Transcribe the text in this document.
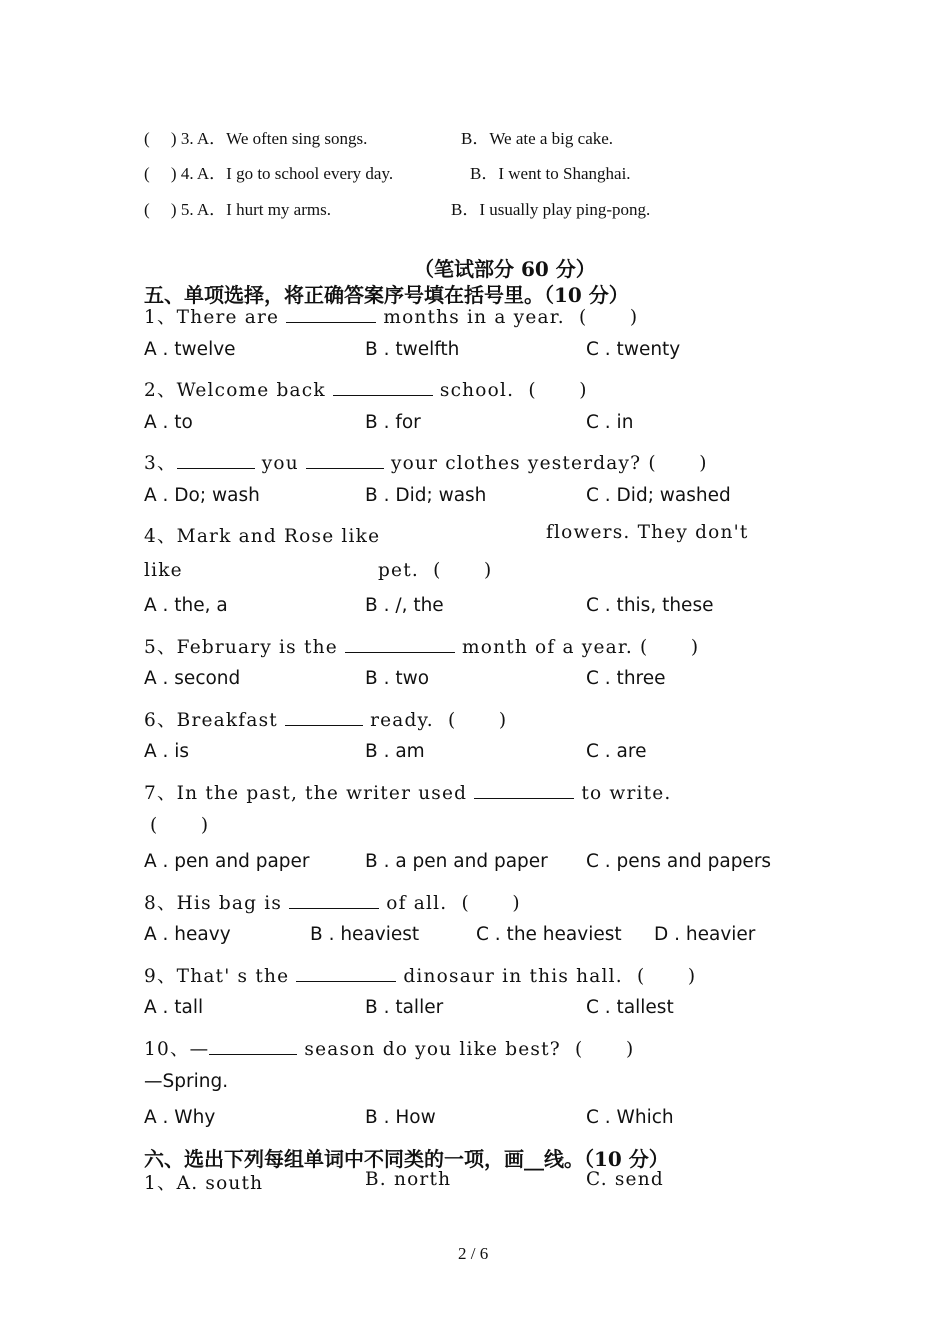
(     ) 3. A．We often sing songs.	B．We ate a big cake.
(     ) 4. A．I go to school every day.	B．I went to Shanghai.
(     ) 5. A．I hurt my arms.	B．I usually play ping-pong.
（笔试部分 60 分）
五、单项选择，将正确答案序号填在括号里。（10 分）
1、There are	months in a year.  (      )
A . twelve	B . twelfth	C . twenty
2、Welcome back	school.  (      )
A . to	B . for	C . in
3、	you	your clothes yesterday? (      )
A . Do; wash	B . Did; wash	C . Did; washed
4、Mark and Rose like	flowers. They don't
like	pet.  (      )
A . the, a	B . /, the	C . this, these
5、February is the	month of a year. (      )
A . second	B . two	C . three
6、Breakfast	ready.  (      )
A . is	B . am	C . are
7、In the past, the writer used	to write.
(      )
A . pen and paper	B . a pen and paper C . pens and papers
8、His bag is	of all.  (      )
A . heavy	B . heaviest	C . the heaviest D . heavier
9、That' s the	dinosaur in this hall.  (      )
A . tall	B . taller	C . tallest
10、—	season do you like best?  (      )
—Spring.
A . Why	B . How	C . Which
六、选出下列每组单词中不同类的一项，画__线。（10 分）
1、A. south	B. north	C. send
2 / 6
